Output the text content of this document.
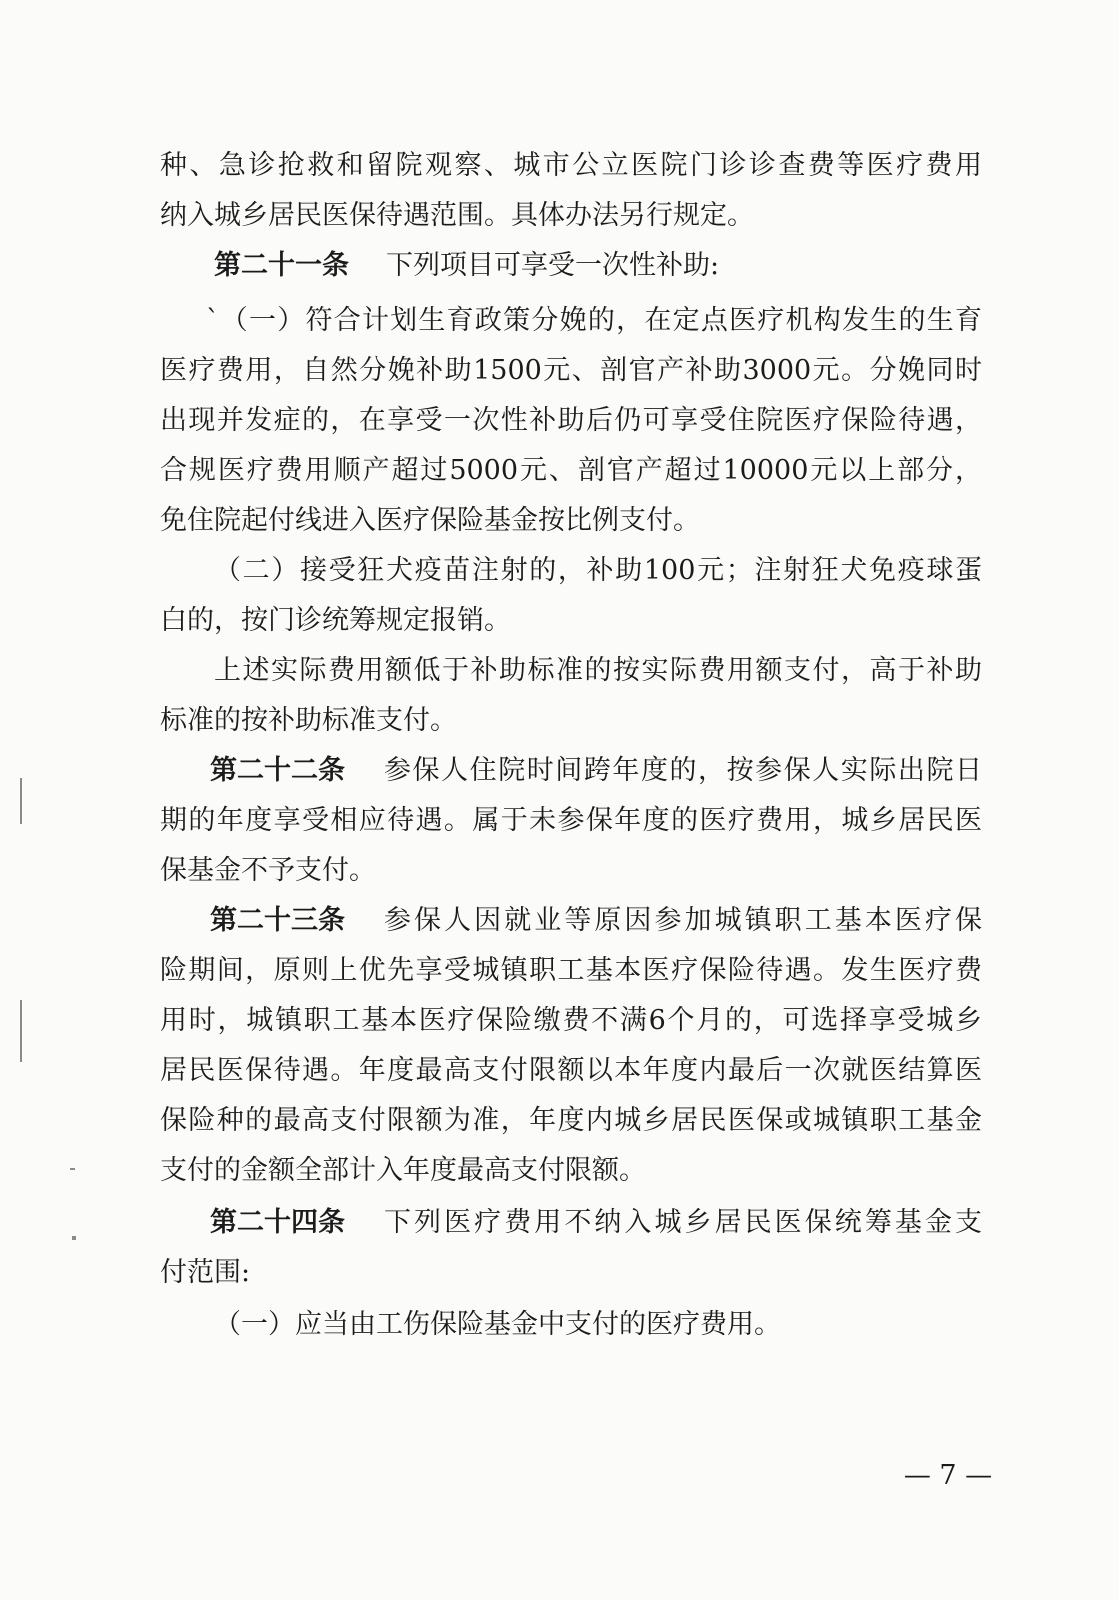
种、急诊抢救和留院观察、城市公立医院门诊诊查费等医疗费用
纳入城乡居民医保待遇范围。具体办法另行规定。
第二十一条 下列项目可享受一次性补助:
`（一）符合计划生育政策分娩的，在定点医疗机构发生的生育
医疗费用，自然分娩补助1500元、剖官产补助3000元。分娩同时
出现并发症的，在享受一次性补助后仍可享受住院医疗保险待遇，
合规医疗费用顺产超过5000元、剖官产超过10000元以上部分，
免住院起付线进入医疗保险基金按比例支付。
（二）接受狂犬疫苗注射的，补助100元；注射狂犬免疫球蛋
白的，按门诊统筹规定报销。
上述实际费用额低于补助标准的按实际费用额支付，高于补助
标准的按补助标准支付。
第二十二条 参保人住院时间跨年度的，按参保人实际出院日
期的年度享受相应待遇。属于未参保年度的医疗费用，城乡居民医
保基金不予支付。
第二十三条 参保人因就业等原因参加城镇职工基本医疗保
险期间，原则上优先享受城镇职工基本医疗保险待遇。发生医疗费
用时，城镇职工基本医疗保险缴费不满6个月的，可选择享受城乡
居民医保待遇。年度最高支付限额以本年度内最后一次就医结算医
保险种的最高支付限额为准，年度内城乡居民医保或城镇职工基金
支付的金额全部计入年度最高支付限额。
第二十四条 下列医疗费用不纳入城乡居民医保统筹基金支
付范围:
（一）应当由工伤保险基金中支付的医疗费用。
— 7 —
